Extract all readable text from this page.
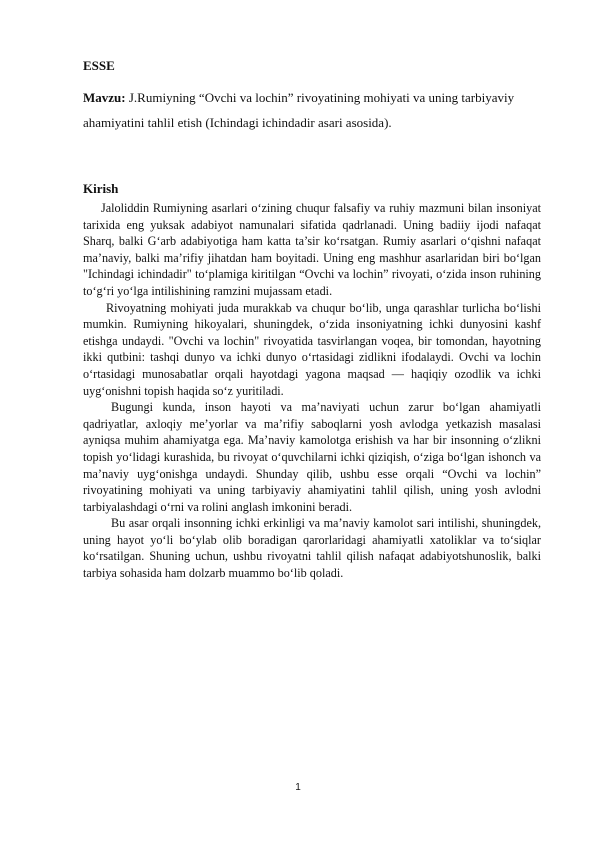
ESSE

Mavzu: J.Rumiyning “Ovchi va lochin” rivoyatining mohiyati va uning tarbiyaviy ahamiyatini tahlil etish (Ichindagi ichindadir asari asosida).

Kirish

Jaloliddin Rumiyning asarlari o‘zining chuqur falsafiy va ruhiy mazmuni bilan insoniyat tarixida eng yuksak adabiyot namunalari sifatida qadrlanadi. Uning badiiy ijodi nafaqat Sharq, balki G‘arb adabiyotiga ham katta ta’sir ko‘rsatgan. Rumiy asarlari o‘qishni nafaqat ma’naviy, balki ma’rifiy jihatdan ham boyitadi. Uning eng mashhur asarlaridan biri bo‘lgan "Ichindagi ichindadir" to‘plamiga kiritilgan “Ovchi va lochin” rivoyati, o‘zida inson ruhining to‘g‘ri yo‘lga intilishining ramzini mujassam etadi.

Rivoyatning mohiyati juda murakkab va chuqur bo‘lib, unga qarashlar turlicha bo‘lishi mumkin. Rumiyning hikoyalari, shuningdek, o‘zida insoniyatning ichki dunyosini kashf etishga undaydi. "Ovchi va lochin" rivoyatida tasvirlangan voqea, bir tomondan, hayotning ikki qutbini: tashqi dunyo va ichki dunyo o‘rtasidagi zidlikni ifodalaydi. Ovchi va lochin o‘rtasidagi munosabatlar orqali hayotdagi yagona maqsad — haqiqiy ozodlik va ichki uyg‘onishni topish haqida so‘z yuritiladi.

Bugungi kunda, inson hayoti va ma’naviyati uchun zarur bo‘lgan ahamiyatli qadriyatlar, axloqiy me’yorlar va ma’rifiy saboqlarni yosh avlodga yetkazish masalasi ayniqsa muhim ahamiyatga ega. Ma’naviy kamolotga erishish va har bir insonning o‘zlikni topish yo‘lidagi kurashida, bu rivoyat o‘quvchilarni ichki qiziqish, o‘ziga bo‘lgan ishonch va ma’naviy uyg‘onishga undaydi. Shunday qilib, ushbu esse orqali “Ovchi va lochin” rivoyatining mohiyati va uning tarbiyaviy ahamiyatini tahlil qilish, uning yosh avlodni tarbiyalashdagi o‘rni va rolini anglash imkonini beradi.

Bu asar orqali insonning ichki erkinligi va ma’naviy kamolot sari intilishi, shuningdek, uning hayot yo‘li bo‘ylab olib boradigan qarorlaridagi ahamiyatli xatoliklar va to‘siqlar ko‘rsatilgan. Shuning uchun, ushbu rivoyatni tahlil qilish nafaqat adabiyotshunoslik, balki tarbiya sohasida ham dolzarb muammo bo‘lib qoladi.

1
